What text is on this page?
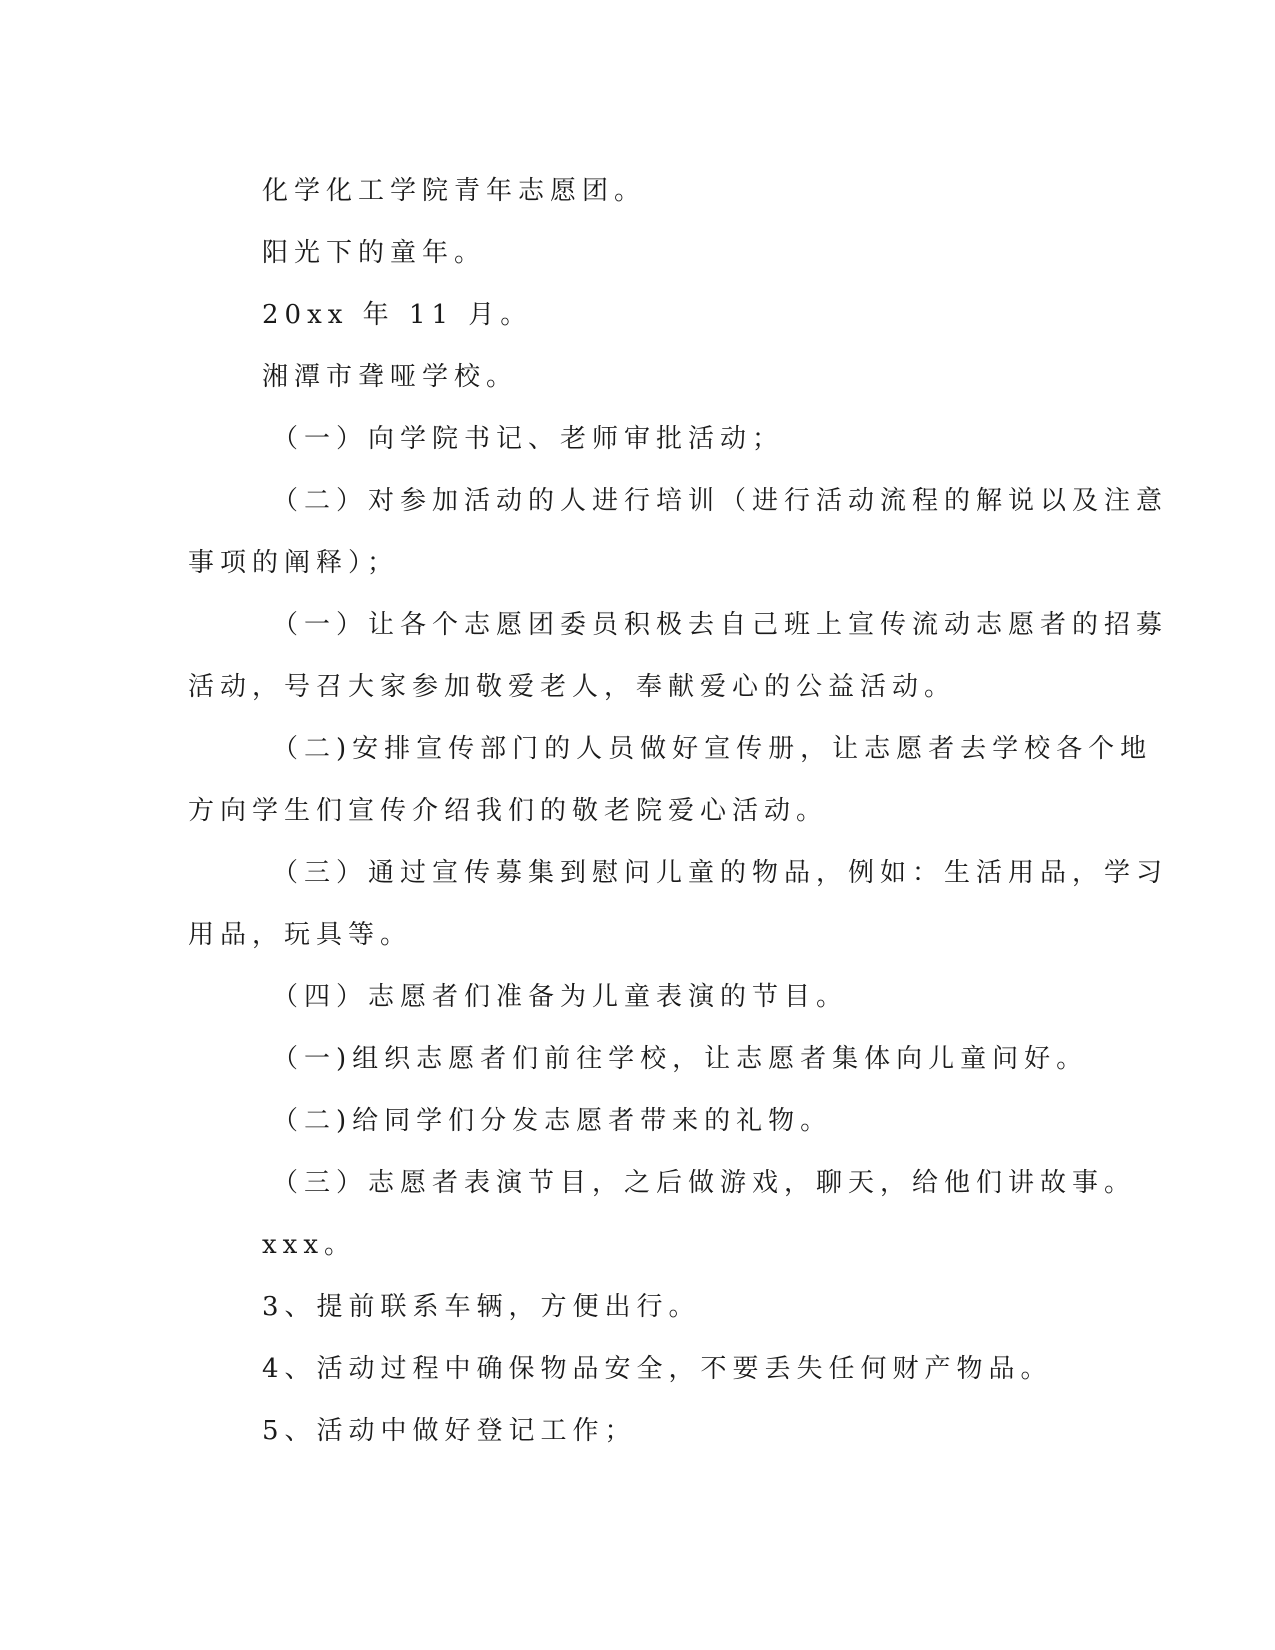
化学化工学院青年志愿团。
阳光下的童年。
20xx 年 11 月。
湘潭市聋哑学校。
（一）向学院书记、老师审批活动；
（二）对参加活动的人进行培训（进行活动流程的解说以及注意
事项的阐释）；
（一）让各个志愿团委员积极去自己班上宣传流动志愿者的招募
活动，号召大家参加敬爱老人，奉献爱心的公益活动。
（二)安排宣传部门的人员做好宣传册，让志愿者去学校各个地
方向学生们宣传介绍我们的敬老院爱心活动。
（三）通过宣传募集到慰问儿童的物品，例如：生活用品，学习
用品，玩具等。
（四）志愿者们准备为儿童表演的节目。
（一)组织志愿者们前往学校，让志愿者集体向儿童问好。
（二)给同学们分发志愿者带来的礼物。
（三）志愿者表演节目，之后做游戏，聊天，给他们讲故事。
xxx。
3、提前联系车辆，方便出行。
4、活动过程中确保物品安全，不要丢失任何财产物品。
5、活动中做好登记工作；
